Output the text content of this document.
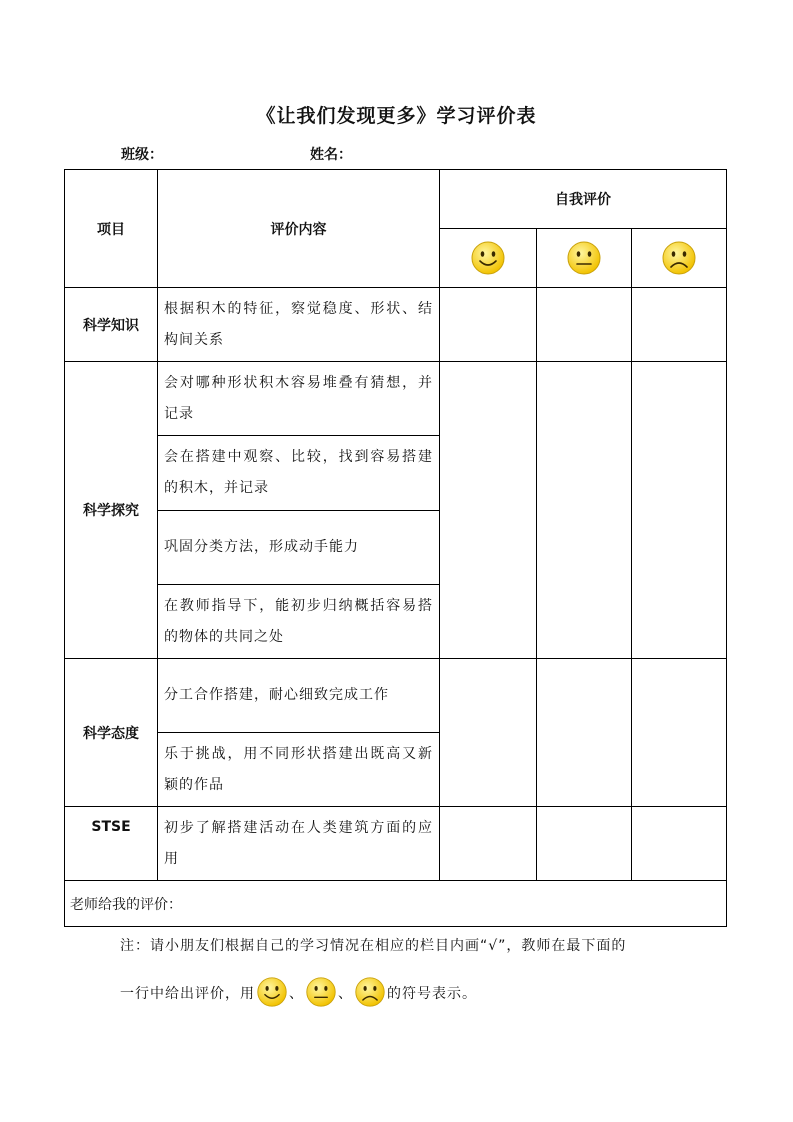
《让我们发现更多》学习评价表
班级：	姓名：
项目	评价内容	自我评价		

科学知识	根据积木的特征，察觉稳度、形状、结构间关系			
科学探究	会对哪种形状积木容易堆叠有猜想，并记录			
	会在搭建中观察、比较，找到容易搭建的积木，并记录			
	巩固分类方法，形成动手能力			
	在教师指导下，能初步归纳概括容易搭的物体的共同之处			
科学态度	分工合作搭建，耐心细致完成工作			
	乐于挑战，用不同形状搭建出既高又新颖的作品			
STSE	初步了解搭建活动在人类建筑方面的应用			
老师给我的评价：				
注：请小朋友们根据自己的学习情况在相应的栏目内画“√”，教师在最下面的
一行中给出评价，用 、 、 的符号表示。
